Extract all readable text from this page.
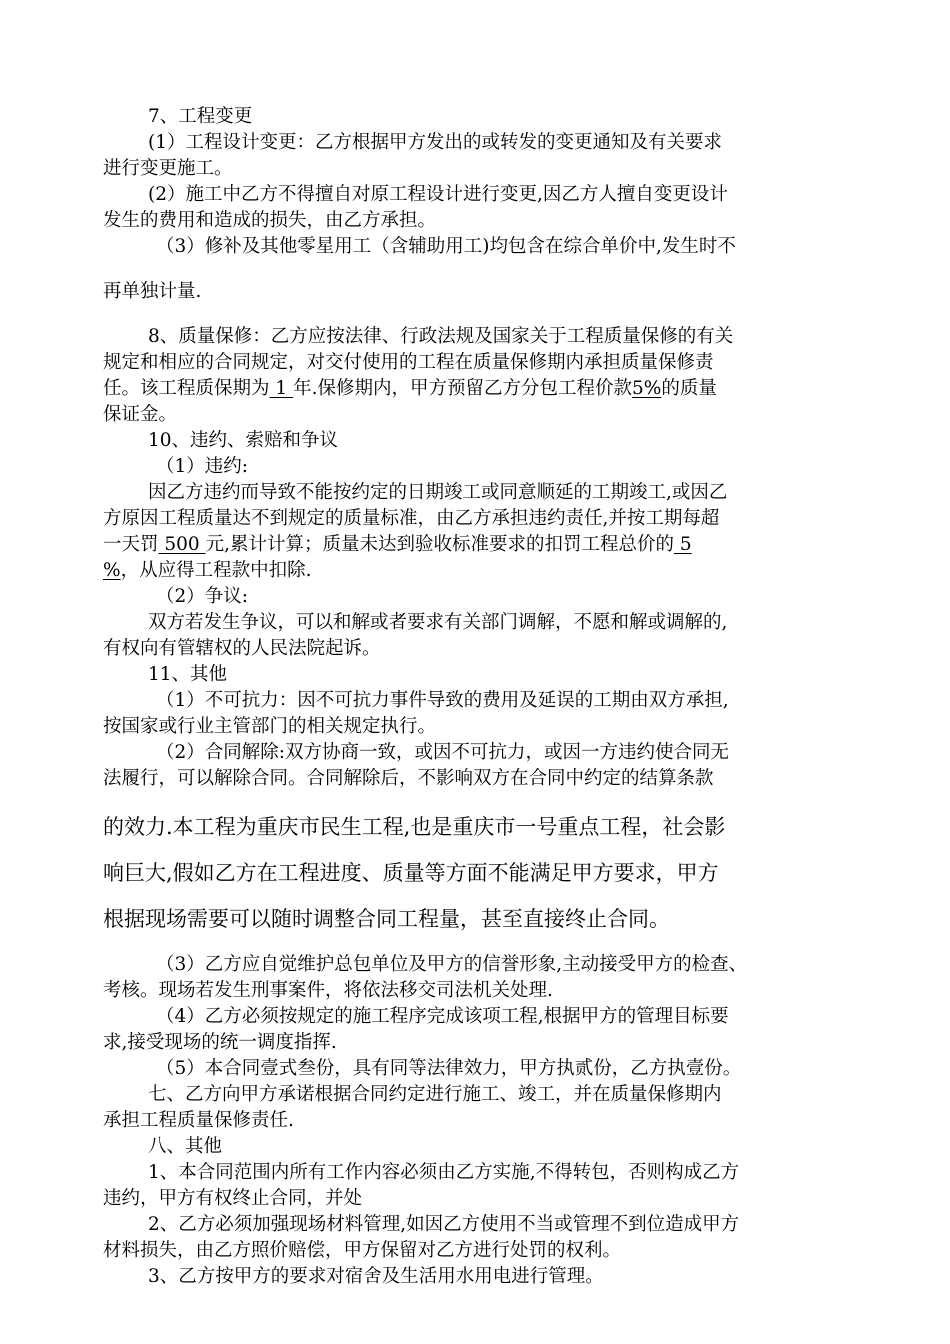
7、工程变更

(1）工程设计变更：乙方根据甲方发出的或转发的变更通知及有关要求

进行变更施工。

(2）施工中乙方不得擅自对原工程设计进行变更,因乙方人擅自变更设计

发生的费用和造成的损失，由乙方承担。

（3）修补及其他零星用工（含辅助用工)均包含在综合单价中,发生时不

再单独计量.

8、质量保修：乙方应按法律、行政法规及国家关于工程质量保修的有关

规定和相应的合同规定，对交付使用的工程在质量保修期内承担质量保修责

任。该工程质保期为 1 年.保修期内，甲方预留乙方分包工程价款5%的质量

保证金。

10、违约、索赔和争议

（1）违约:

因乙方违约而导致不能按约定的日期竣工或同意顺延的工期竣工,或因乙

方原因工程质量达不到规定的质量标准，由乙方承担违约责任,并按工期每超

一天罚 500 元,累计计算；质量未达到验收标准要求的扣罚工程总价的 5

%，从应得工程款中扣除.

（2）争议:

双方若发生争议，可以和解或者要求有关部门调解，不愿和解或调解的,

有权向有管辖权的人民法院起诉。

11、其他

（1）不可抗力：因不可抗力事件导致的费用及延误的工期由双方承担,

按国家或行业主管部门的相关规定执行。

（2）合同解除:双方协商一致，或因不可抗力，或因一方违约使合同无

法履行，可以解除合同。合同解除后，不影响双方在合同中约定的结算条款

的效力.本工程为重庆市民生工程,也是重庆市一号重点工程，社会影

响巨大,假如乙方在工程进度、质量等方面不能满足甲方要求，甲方

根据现场需要可以随时调整合同工程量，甚至直接终止合同。

（3）乙方应自觉维护总包单位及甲方的信誉形象,主动接受甲方的检查、

考核。现场若发生刑事案件，将依法移交司法机关处理.

（4）乙方必须按规定的施工程序完成该项工程,根据甲方的管理目标要

求,接受现场的统一调度指挥.

（5）本合同壹式叁份，具有同等法律效力，甲方执贰份，乙方执壹份。

七、乙方向甲方承诺根据合同约定进行施工、竣工，并在质量保修期内

承担工程质量保修责任.

八、其他

1、本合同范围内所有工作内容必须由乙方实施,不得转包，否则构成乙方

违约，甲方有权终止合同，并处

2、乙方必须加强现场材料管理,如因乙方使用不当或管理不到位造成甲方

材料损失，由乙方照价赔偿，甲方保留对乙方进行处罚的权利。

3、乙方按甲方的要求对宿舍及生活用水用电进行管理。
